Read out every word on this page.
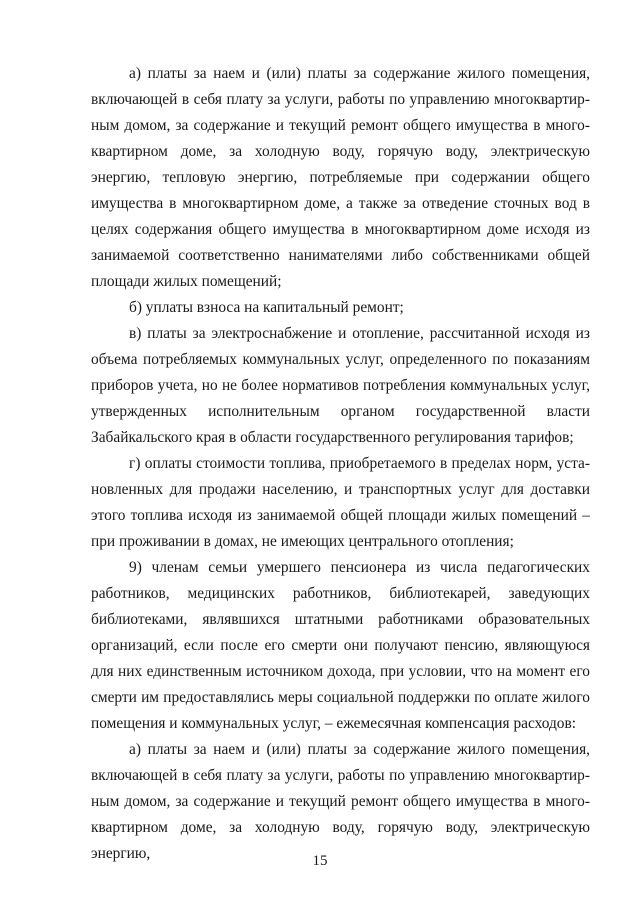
а) платы за наем и (или) платы за содержание жилого помещения, включающей в себя плату за услуги, работы по управлению многоквартирным домом, за содержание и текущий ремонт общего имущества в многоквартирном доме, за холодную воду, горячую воду, электрическую энергию, тепловую энергию, потребляемые при содержании общего имущества в многоквартирном доме, а также за отведение сточных вод в целях содержания общего имущества в многоквартирном доме исходя из занимаемой соответственно нанимателями либо собственниками общей площади жилых помещений;

б) уплаты взноса на капитальный ремонт;

в) платы за электроснабжение и отопление, рассчитанной исходя из объема потребляемых коммунальных услуг, определенного по показаниям приборов учета, но не более нормативов потребления коммунальных услуг, утвержденных исполнительным органом государственной власти Забайкальского края в области государственного регулирования тарифов;

г) оплаты стоимости топлива, приобретаемого в пределах норм, установленных для продажи населению, и транспортных услуг для доставки этого топлива исходя из занимаемой общей площади жилых помещений – при проживании в домах, не имеющих центрального отопления;

9) членам семьи умершего пенсионера из числа педагогических работников, медицинских работников, библиотекарей, заведующих библиотеками, являвшихся штатными работниками образовательных организаций, если после его смерти они получают пенсию, являющуюся для них единственным источником дохода, при условии, что на момент его смерти им предоставлялись меры социальной поддержки по оплате жилого помещения и коммунальных услуг, – ежемесячная компенсация расходов:

а) платы за наем и (или) платы за содержание жилого помещения, включающей в себя плату за услуги, работы по управлению многоквартирным домом, за содержание и текущий ремонт общего имущества в многоквартирном доме, за холодную воду, горячую воду, электрическую энергию,	15
